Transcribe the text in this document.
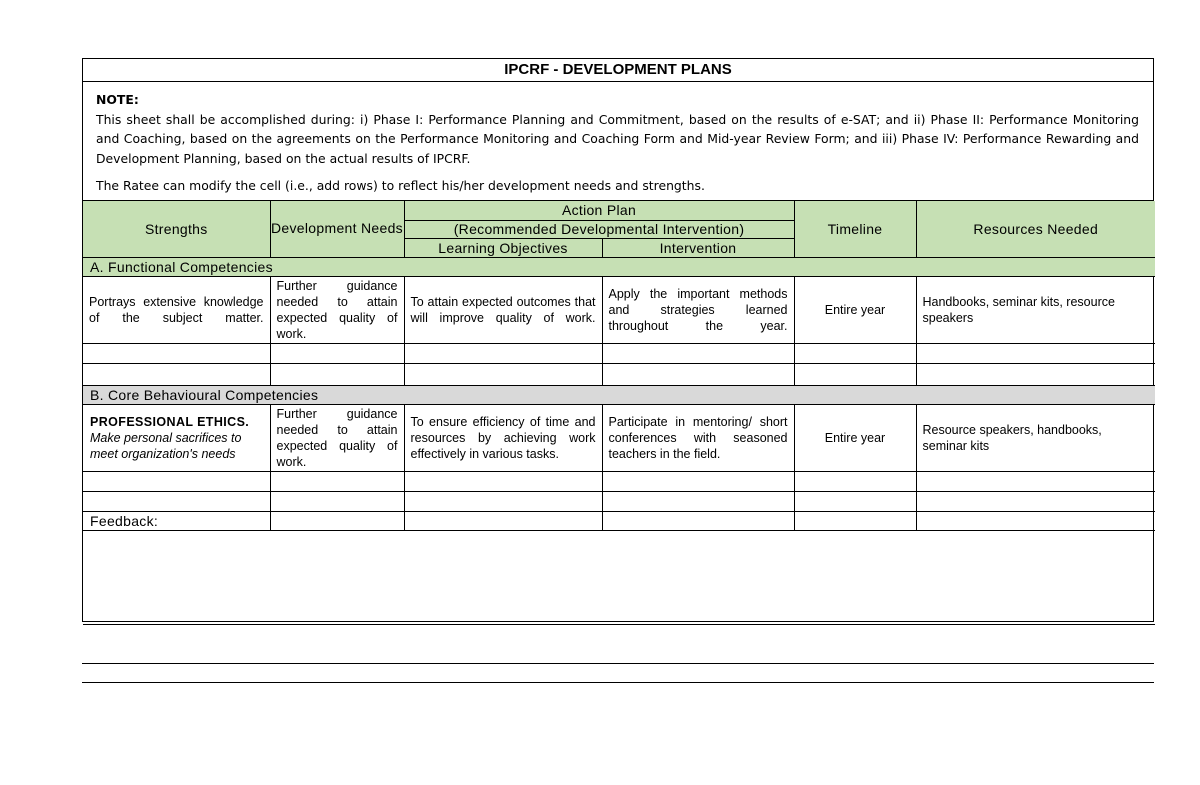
IPCRF - DEVELOPMENT PLANS
NOTE:
This sheet shall be accomplished during: i) Phase I: Performance Planning and Commitment, based on the results of e-SAT; and ii) Phase II: Performance Monitoring and Coaching, based on the agreements on the Performance Monitoring and Coaching Form and Mid-year Review Form; and iii) Phase IV: Performance Rewarding and Development Planning, based on the actual results of IPCRF.
The Ratee can modify the cell (i.e., add rows) to reflect his/her development needs and strengths.
Strengths	Development Needs	Action Plan		Timeline	Resources Needed
		(Recommended Developmental Intervention)			
		Learning Objectives	Intervention		
A. Functional Competencies					
Portrays extensive knowledge of the subject matter.	Further guidance needed to attain expected quality of work.	To attain expected outcomes that will improve quality of work.	Apply the important methods and strategies learned throughout the year.	Entire year	Handbooks, seminar kits, resource speakers

B. Core Behavioural Competencies					

PROFESSIONAL ETHICS.
Make personal sacrifices to meet organization's needs	Further guidance needed to attain expected quality of work.	To ensure efficiency of time and resources by achieving work effectively in various tasks.	Participate in mentoring/ short conferences with seasoned teachers in the field.	Entire year	Resource speakers, handbooks, seminar kits

Feedback:					
